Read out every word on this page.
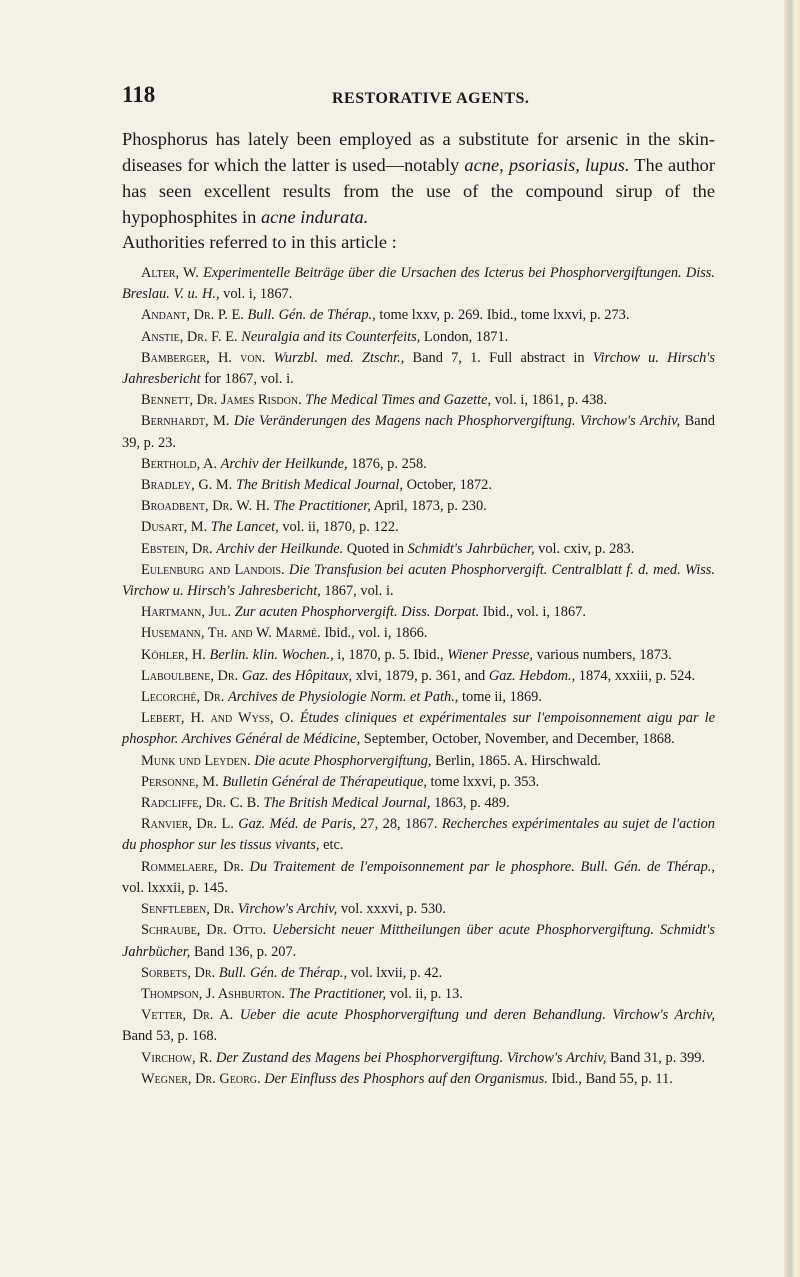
118	RESTORATIVE AGENTS.

Phosphorus has lately been employed as a substitute for arsenic in the skin-diseases for which the latter is used—notably acne, psoriasis, lupus. The author has seen excellent results from the use of the compound sirup of the hypophosphites in acne indurata.

Authorities referred to in this article :

Alter, W. Experimentelle Beiträge über die Ursachen des Icterus bei Phosphorvergiftungen. Diss. Breslau. V. u. H., vol. i, 1867.

Andant, Dr. P. E. Bull. Gén. de Thérap., tome lxxv, p. 269. Ibid., tome lxxvi, p. 273.

Anstie, Dr. F. E. Neuralgia and its Counterfeits, London, 1871.

Bamberger, H. von. Wurzbl. med. Ztschr., Band 7, 1. Full abstract in Virchow u. Hirsch's Jahresbericht for 1867, vol. i.

Bennett, Dr. James Risdon. The Medical Times and Gazette, vol. i, 1861, p. 438.

Bernhardt, M. Die Veränderungen des Magens nach Phosphorvergiftung. Virchow's Archiv, Band 39, p. 23.

Berthold, A. Archiv der Heilkunde, 1876, p. 258.

Bradley, G. M. The British Medical Journal, October, 1872.

Broadbent, Dr. W. H. The Practitioner, April, 1873, p. 230.

Dusart, M. The Lancet, vol. ii, 1870, p. 122.

Ebstein, Dr. Archiv der Heilkunde. Quoted in Schmidt's Jahrbücher, vol. cxiv, p. 283.

Eulenburg and Landois. Die Transfusion bei acuten Phosphorvergift. Centralblatt f. d. med. Wiss. Virchow u. Hirsch's Jahresbericht, 1867, vol. i.

Hartmann, Jul. Zur acuten Phosphorvergift. Diss. Dorpat. Ibid., vol. i, 1867.

Husemann, Th. and W. Marmé. Ibid., vol. i, 1866.

Köhler, H. Berlin. klin. Wochen., i, 1870, p. 5. Ibid., Wiener Presse, various numbers, 1873.

Laboulbene, Dr. Gaz. des Hôpitaux, xlvi, 1879, p. 361, and Gaz. Hebdom., 1874, xxxiii, p. 524.

Lecorché, Dr. Archives de Physiologie Norm. et Path., tome ii, 1869.

Lebert, H. and Wyss, O. Études cliniques et expérimentales sur l'empoisonnement aigu par le phosphor. Archives Général de Médicine, September, October, November, and December, 1868.

Munk und Leyden. Die acute Phosphorvergiftung, Berlin, 1865. A. Hirschwald.

Personne, M. Bulletin Général de Thérapeutique, tome lxxvi, p. 353.

Radcliffe, Dr. C. B. The British Medical Journal, 1863, p. 489.

Ranvier, Dr. L. Gaz. Méd. de Paris, 27, 28, 1867. Recherches expérimentales au sujet de l'action du phosphor sur les tissus vivants, etc.

Rommelaere, Dr. Du Traitement de l'empoisonnement par le phosphore. Bull. Gén. de Thérap., vol. lxxxii, p. 145.

Senftleben, Dr. Virchow's Archiv, vol. xxxvi, p. 530.

Schraube, Dr. Otto. Uebersicht neuer Mittheilungen über acute Phosphorvergiftung. Schmidt's Jahrbücher, Band 136, p. 207.

Sorbets, Dr. Bull. Gén. de Thérap., vol. lxvii, p. 42.

Thompson, J. Ashburton. The Practitioner, vol. ii, p. 13.

Vetter, Dr. A. Ueber die acute Phosphorvergiftung und deren Behandlung. Virchow's Archiv, Band 53, p. 168.

Virchow, R. Der Zustand des Magens bei Phosphorvergiftung. Virchow's Archiv, Band 31, p. 399.

Wegner, Dr. Georg. Der Einfluss des Phosphors auf den Organismus. Ibid., Band 55, p. 11.
